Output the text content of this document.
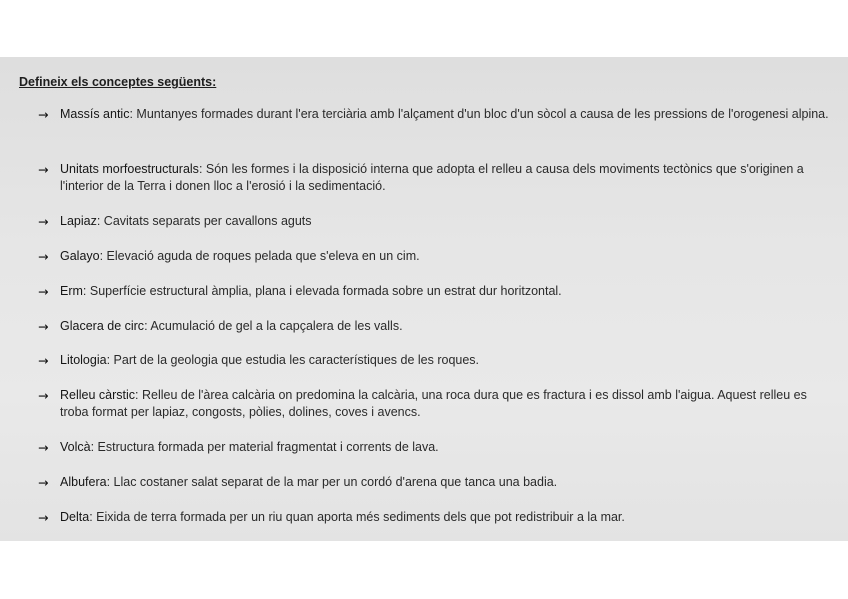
Defineix els conceptes següents:
→ Massís antic: Muntanyes formades durant l'era terciària amb l'alçament d'un bloc d'un sòcol a causa de les pressions de l'orogenesi alpina.
→ Unitats morfoestructurals: Són les formes i la disposició interna que adopta el relleu a causa dels moviments tectònics que s'originen a l'interior de la Terra i donen lloc a l'erosió i la sedimentació.
→ Lapiaz: Cavitats separats per cavallons aguts
→ Galayo: Elevació aguda de roques pelada que s'eleva en un cim.
→ Erm: Superfície estructural àmplia, plana i elevada formada sobre un estrat dur horitzontal.
→ Glacera de circ: Acumulació de gel a la capçalera de les valls.
→ Litologia: Part de la geologia que estudia les característiques de les roques.
→ Relleu càrstic: Relleu de l'àrea calcària on predomina la calcària, una roca dura que es fractura i es dissol amb l'aigua. Aquest relleu es troba format per lapiaz, congosts, pòlies, dolines, coves i avencs.
→ Volcà: Estructura formada per material fragmentat i corrents de lava.
→ Albufera: Llac costaner salat separat de la mar per un cordó d'arena que tanca una badia.
→ Delta: Eixida de terra formada per un riu quan aporta més sediments dels que pot redistribuir a la mar.
